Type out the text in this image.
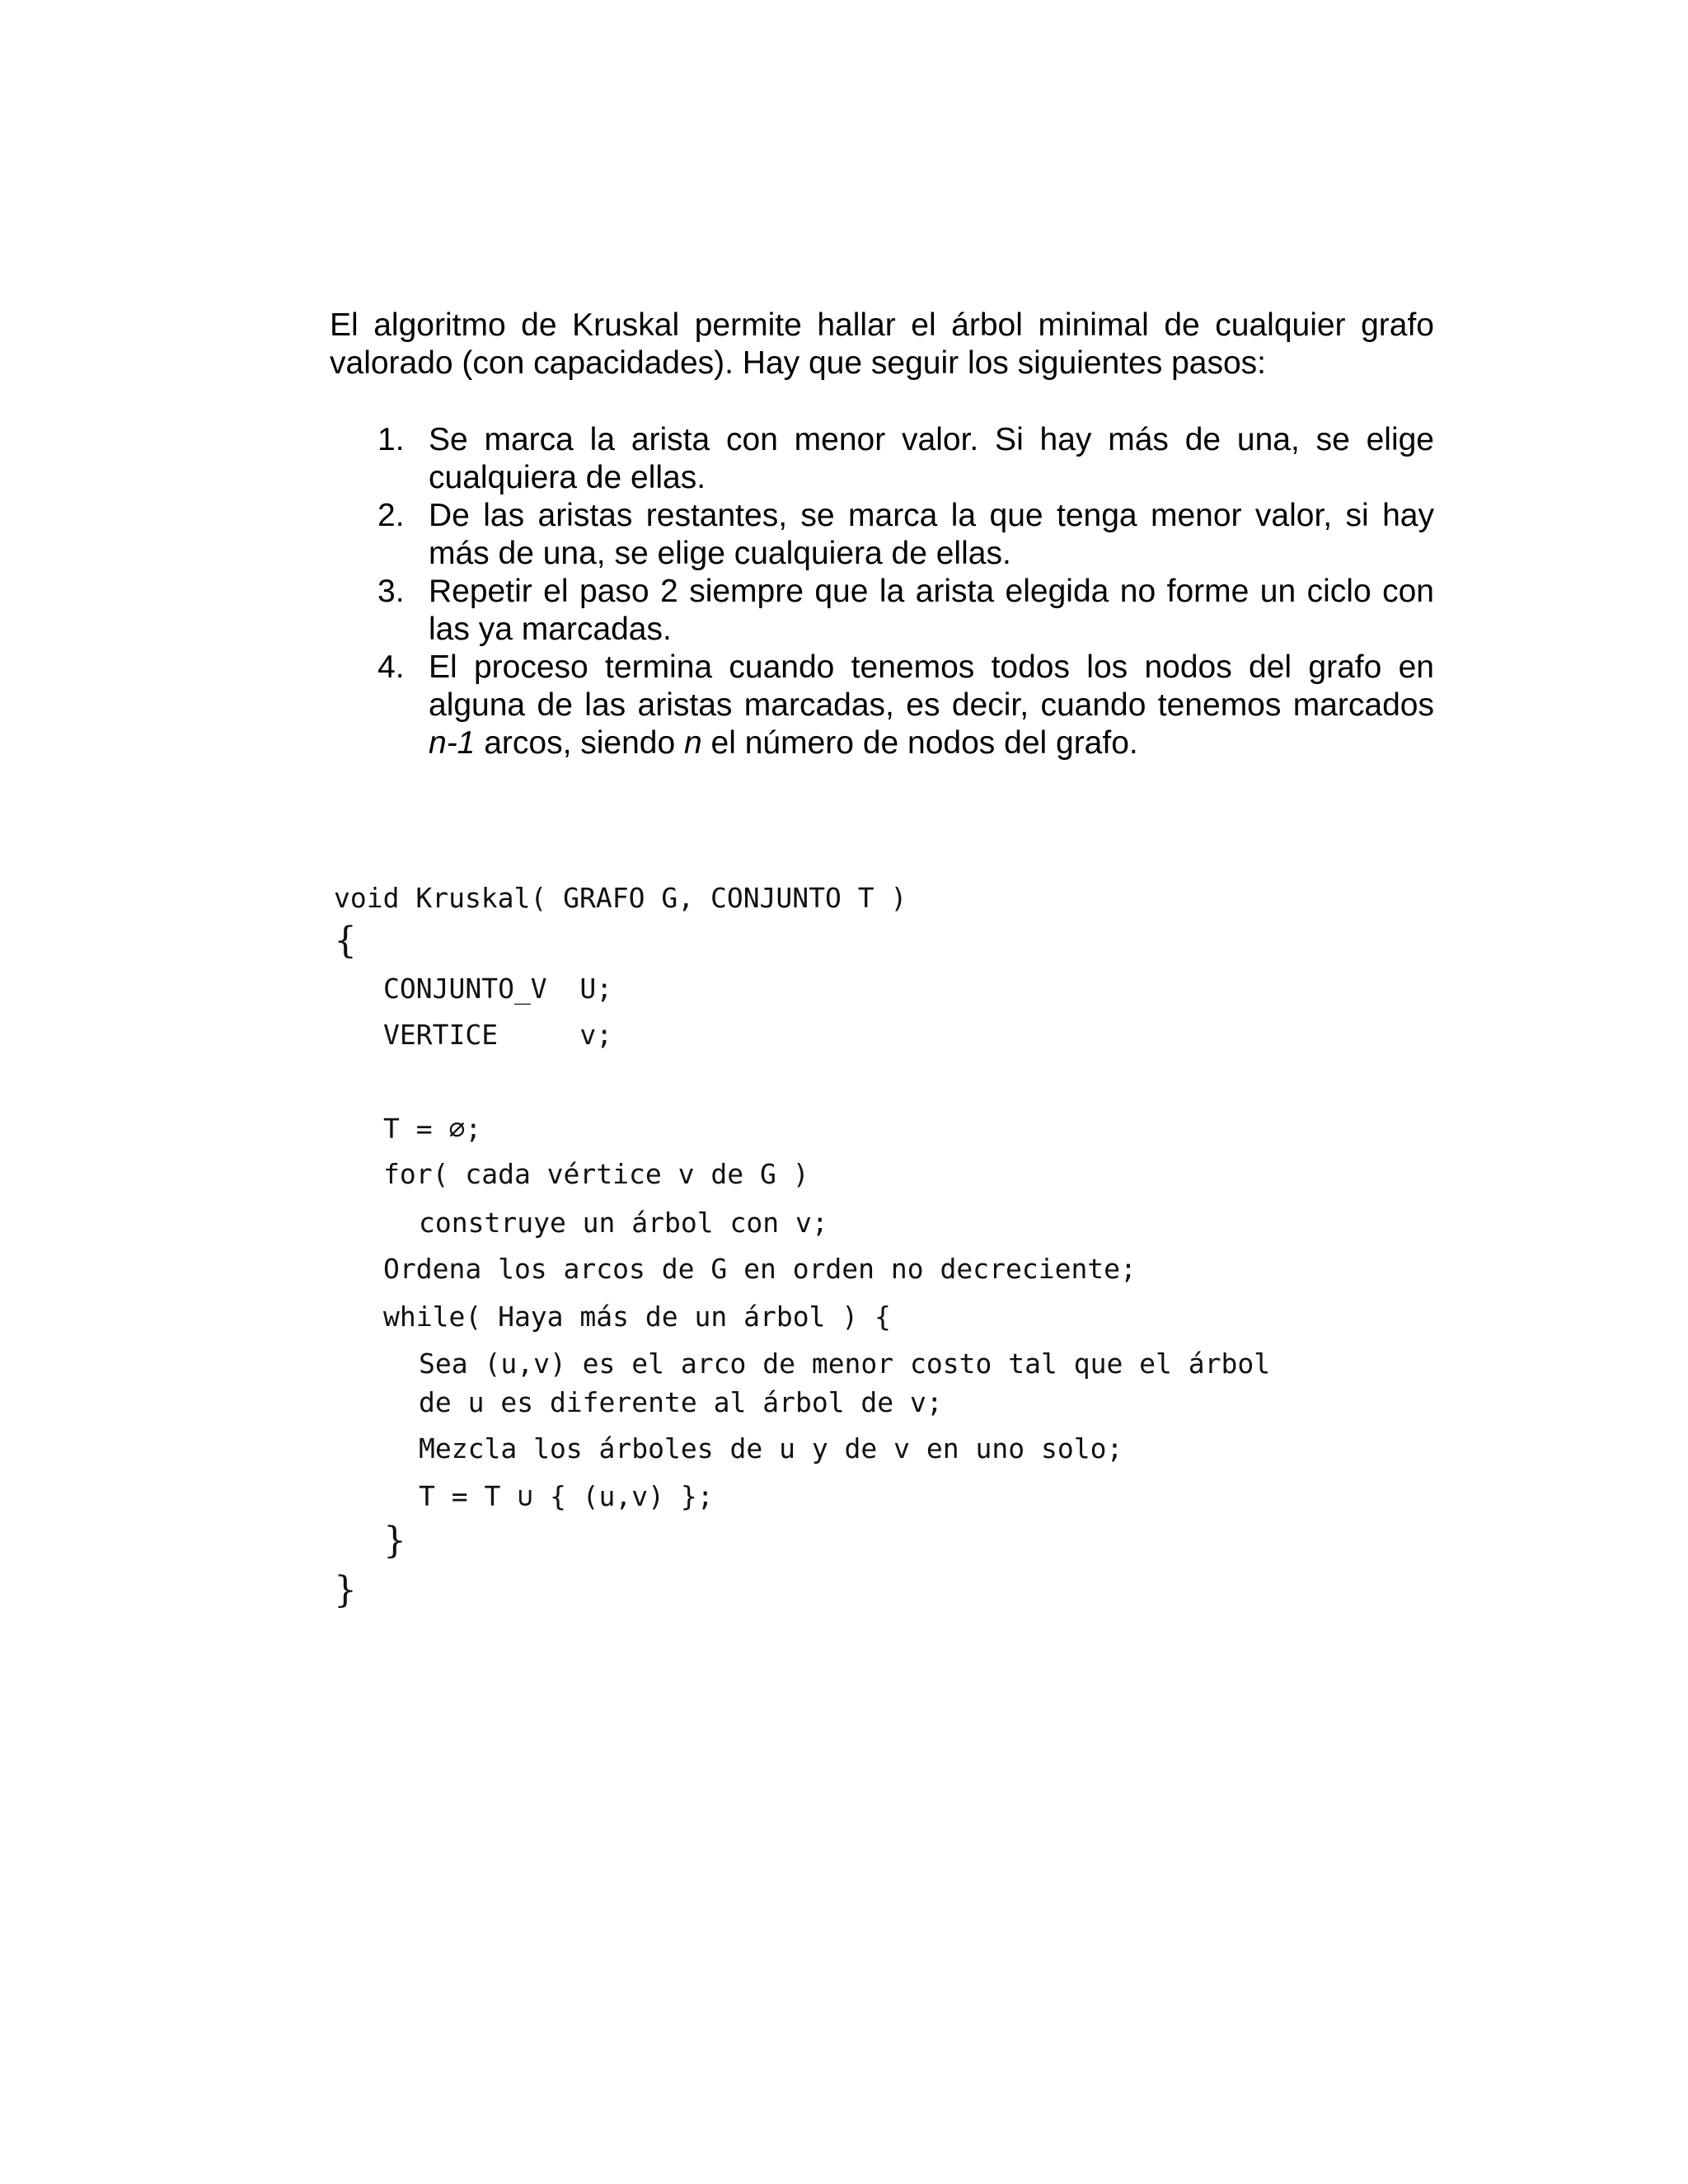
El algoritmo de Kruskal permite hallar el árbol minimal de cualquier grafo valorado (con capacidades). Hay que seguir los siguientes pasos:

1. Se marca la arista con menor valor. Si hay más de una, se elige cualquiera de ellas.
2. De las aristas restantes, se marca la que tenga menor valor, si hay más de una, se elige cualquiera de ellas.
3. Repetir el paso 2 siempre que la arista elegida no forme un ciclo con las ya marcadas.
4. El proceso termina cuando tenemos todos los nodos del grafo en alguna de las aristas marcadas, es decir, cuando tenemos marcados n-1 arcos, siendo n el número de nodos del grafo.
void Kruskal( GRAFO G, CONJUNTO T )
{
CONJUNTO_V  U;
VERTICE     v;
T = ∅;
for( cada vértice v de G )
construye un árbol con v;
Ordena los arcos de G en orden no decreciente;
while( Haya más de un árbol ) {
Sea (u,v) es el arco de menor costo tal que el árbol
de u es diferente al árbol de v;
Mezcla los árboles de u y de v en uno solo;
T = T ∪ { (u,v) };
}
}
